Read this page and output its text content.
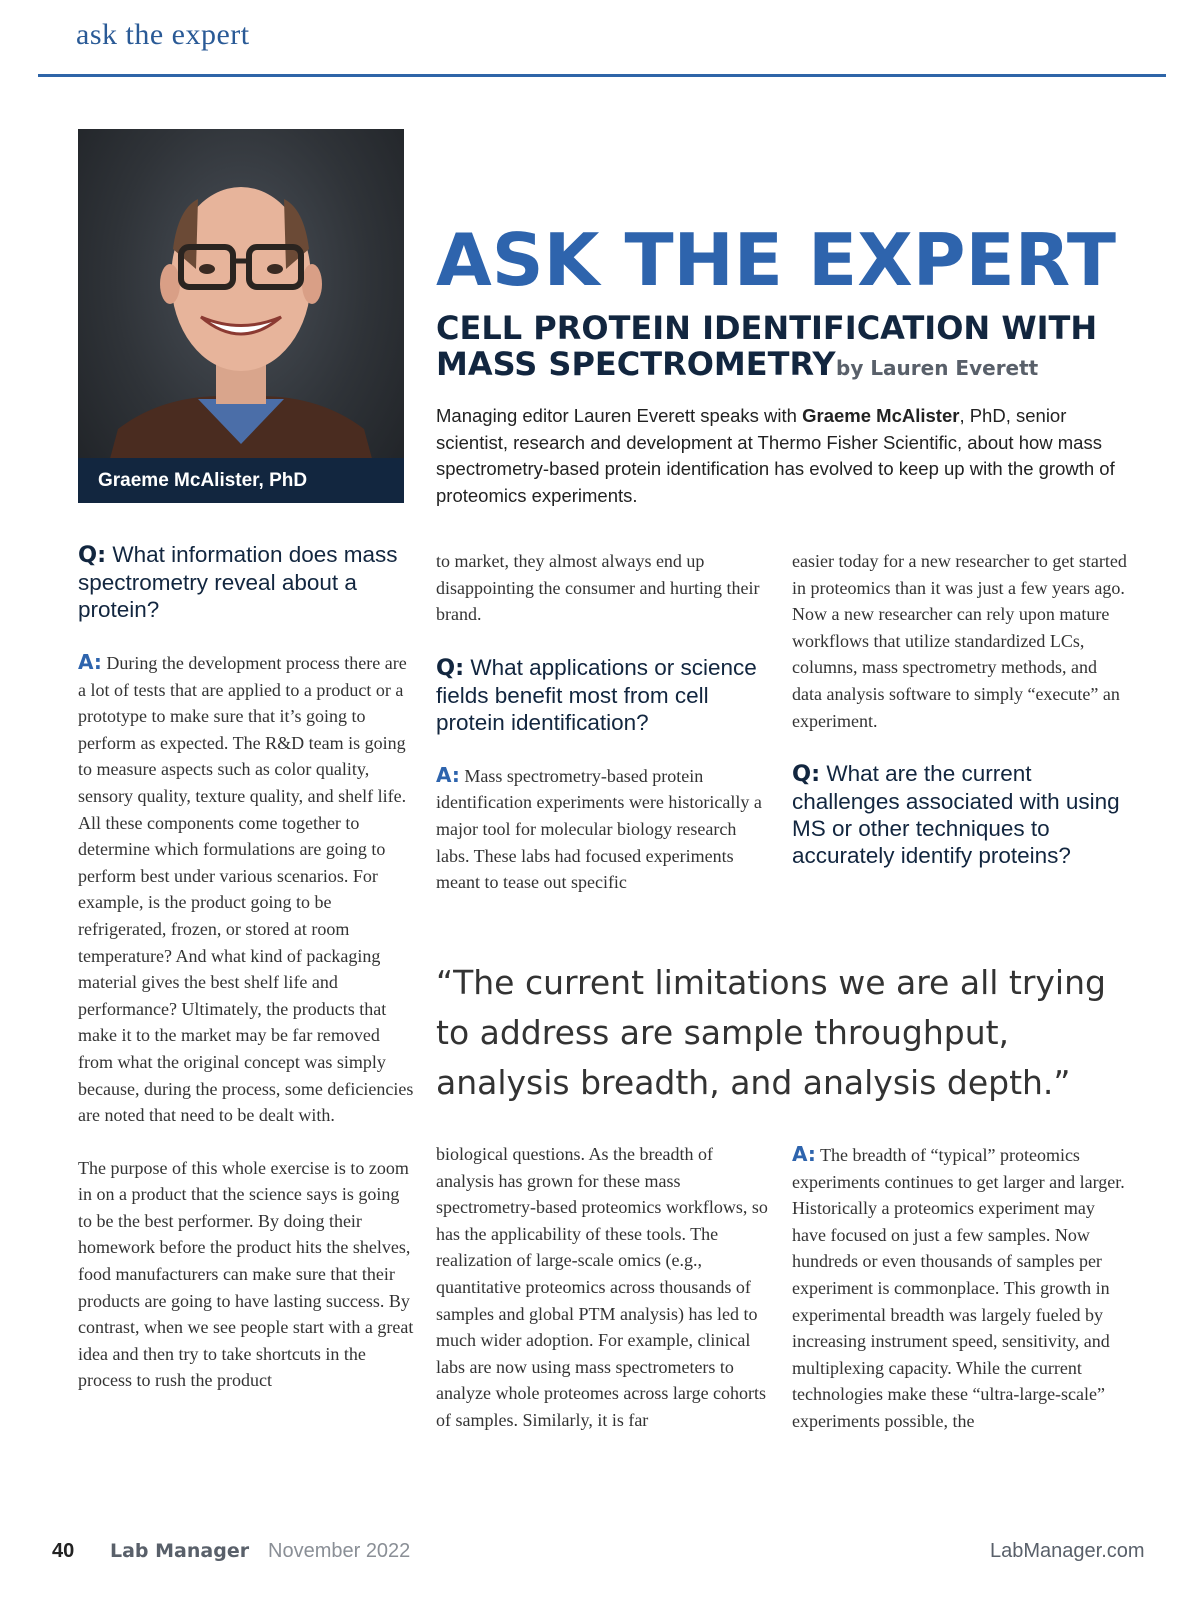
ask the expert
Graeme McAlister, PhD
ASK THE EXPERT
CELL PROTEIN IDENTIFICATION WITH
MASS SPECTROMETRY by Lauren Everett
Managing editor Lauren Everett speaks with Graeme McAlister, PhD, senior scientist, research and development at Thermo Fisher Scientific, about how mass spectrometry-based protein identification has evolved to keep up with the growth of proteomics experiments.

Q: What information does mass spectrometry reveal about a protein?

A: During the development process there are a lot of tests that are applied to a product or a prototype to make sure that it’s going to perform as expected. The R&D team is going to measure aspects such as color quality, sensory quality, texture quality, and shelf life. All these components come together to determine which formulations are going to perform best under various scenarios. For example, is the product going to be refrigerated, frozen, or stored at room temperature? And what kind of packaging material gives the best shelf life and performance? Ultimately, the products that make it to the market may be far removed from what the original concept was simply because, during the process, some deficiencies are noted that need to be dealt with.

The purpose of this whole exercise is to zoom in on a product that the science says is going to be the best performer. By doing their homework before the product hits the shelves, food manufacturers can make sure that their products are going to have lasting success. By contrast, when we see people start with a great idea and then try to take shortcuts in the process to rush the product

to market, they almost always end up disappointing the consumer and hurting their brand.

Q: What applications or science fields benefit most from cell protein identification?

A: Mass spectrometry-based protein identification experiments were historically a major tool for molecular biology research labs. These labs had focused experiments meant to tease out specific

easier today for a new researcher to get started in proteomics than it was just a few years ago. Now a new researcher can rely upon mature workflows that utilize standardized LCs, columns, mass spectrometry methods, and data analysis software to simply “execute” an experiment.

Q: What are the current challenges associated with using MS or other techniques to accurately identify proteins?

“The current limitations we are all trying to address are sample throughput, analysis breadth, and analysis depth.”

biological questions. As the breadth of analysis has grown for these mass spectrometry-based proteomics workflows, so has the applicability of these tools. The realization of large-scale omics (e.g., quantitative proteomics across thousands of samples and global PTM analysis) has led to much wider adoption. For example, clinical labs are now using mass spectrometers to analyze whole proteomes across large cohorts of samples. Similarly, it is far

A: The breadth of “typical” proteomics experiments continues to get larger and larger. Historically a proteomics experiment may have focused on just a few samples. Now hundreds or even thousands of samples per experiment is commonplace. This growth in experimental breadth was largely fueled by increasing instrument speed, sensitivity, and multiplexing capacity. While the current technologies make these “ultra-large-scale” experiments possible, the

40 Lab Manager November 2022	LabManager.com
